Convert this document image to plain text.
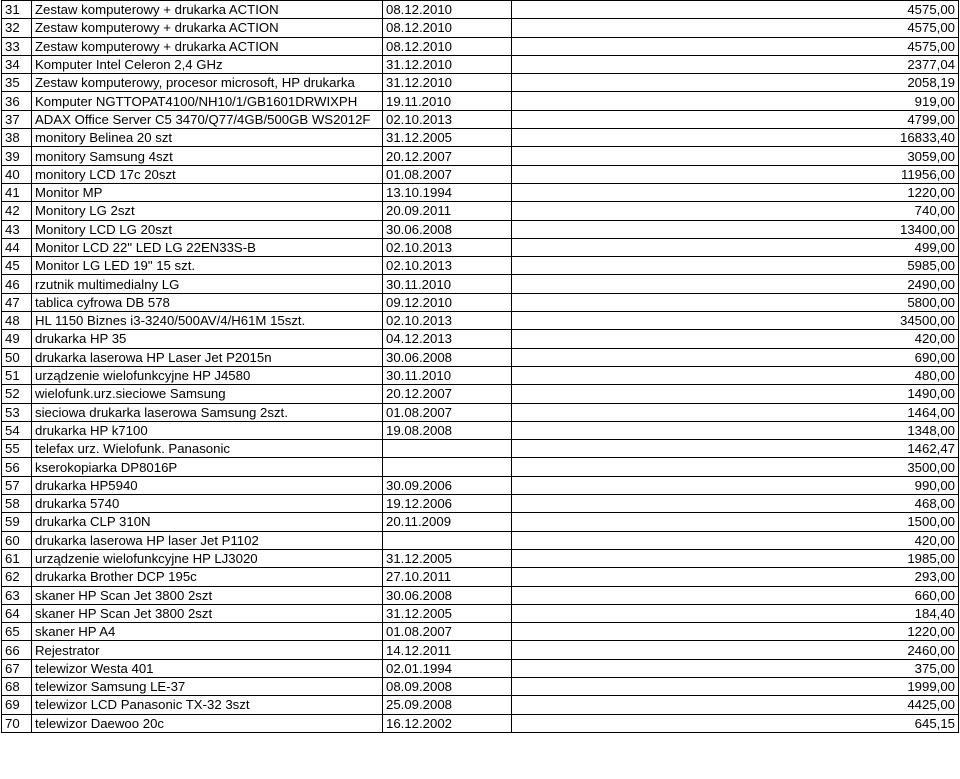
31	Zestaw komputerowy + drukarka ACTION	08.12.2010	4575,00
32	Zestaw komputerowy + drukarka ACTION	08.12.2010	4575,00
33	Zestaw komputerowy + drukarka ACTION	08.12.2010	4575,00
34	Komputer Intel Celeron 2,4 GHz	31.12.2010	2377,04
35	Zestaw komputerowy, procesor microsoft, HP drukarka	31.12.2010	2058,19
36	Komputer NGTTOPAT4100/NH10/1/GB1601DRWIXPH	19.11.2010	919,00
37	ADAX Office Server C5 3470/Q77/4GB/500GB WS2012F	02.10.2013	4799,00
38	monitory Belinea 20 szt	31.12.2005	16833,40
39	monitory Samsung 4szt	20.12.2007	3059,00
40	monitory LCD 17c 20szt	01.08.2007	11956,00
41	Monitor MP	13.10.1994	1220,00
42	Monitory LG 2szt	20.09.2011	740,00
43	Monitory LCD LG 20szt	30.06.2008	13400,00
44	Monitor LCD 22" LED LG 22EN33S-B	02.10.2013	499,00
45	Monitor LG LED 19" 15 szt.	02.10.2013	5985,00
46	rzutnik multimedialny LG	30.11.2010	2490,00
47	tablica cyfrowa DB 578	09.12.2010	5800,00
48	HL 1150 Biznes i3-3240/500AV/4/H61M 15szt.	02.10.2013	34500,00
49	drukarka HP 35	04.12.2013	420,00
50	drukarka laserowa HP Laser Jet P2015n	30.06.2008	690,00
51	urządzenie wielofunkcyjne HP J4580	30.11.2010	480,00
52	wielofunk.urz.sieciowe Samsung	20.12.2007	1490,00
53	sieciowa drukarka laserowa Samsung 2szt.	01.08.2007	1464,00
54	drukarka HP k7100	19.08.2008	1348,00
55	telefax urz. Wielofunk. Panasonic		1462,47
56	kserokopiarka DP8016P		3500,00
57	drukarka HP5940	30.09.2006	990,00
58	drukarka 5740	19.12.2006	468,00
59	drukarka CLP 310N	20.11.2009	1500,00
60	drukarka laserowa HP laser Jet P1102		420,00
61	urządzenie wielofunkcyjne HP LJ3020	31.12.2005	1985,00
62	drukarka Brother DCP 195c	27.10.2011	293,00
63	skaner HP Scan Jet 3800 2szt	30.06.2008	660,00
64	skaner HP Scan Jet 3800 2szt	31.12.2005	184,40
65	skaner HP A4	01.08.2007	1220,00
66	Rejestrator	14.12.2011	2460,00
67	telewizor Westa 401	02.01.1994	375,00
68	telewizor Samsung LE-37	08.09.2008	1999,00
69	telewizor LCD Panasonic TX-32 3szt	25.09.2008	4425,00
70	telewizor Daewoo 20c	16.12.2002	645,15
